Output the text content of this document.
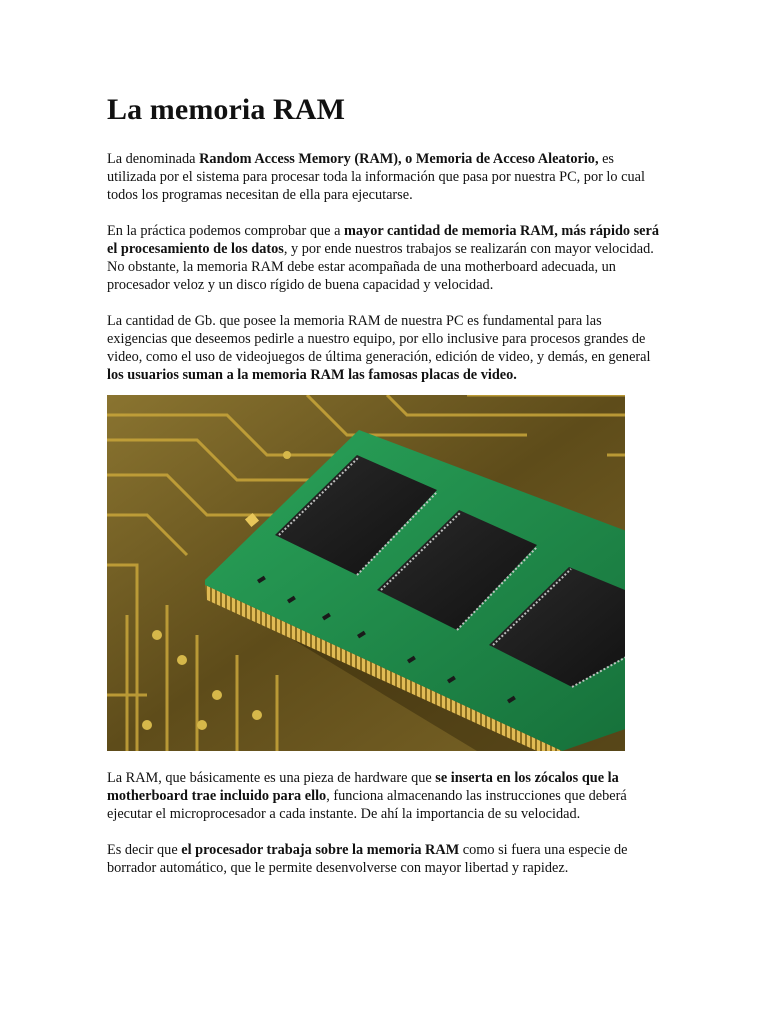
La memoria RAM

La denominada Random Access Memory (RAM), o Memoria de Acceso Aleatorio, es utilizada por el sistema para procesar toda la información que pasa por nuestra PC, por lo cual todos los programas necesitan de ella para ejecutarse.

En la práctica podemos comprobar que a mayor cantidad de memoria RAM, más rápido será el procesamiento de los datos, y por ende nuestros trabajos se realizarán con mayor velocidad. No obstante, la memoria RAM debe estar acompañada de una motherboard adecuada, un procesador veloz y un disco rígido de buena capacidad y velocidad.

La cantidad de Gb. que posee la memoria RAM de nuestra PC es fundamental para las exigencias que deseemos pedirle a nuestro equipo, por ello inclusive para procesos grandes de video, como el uso de videojuegos de última generación, edición de video, y demás, en general los usuarios suman a la memoria RAM las famosas placas de video.

La RAM, que básicamente es una pieza de hardware que se inserta en los zócalos que la motherboard trae incluido para ello, funciona almacenando las instrucciones que deberá ejecutar el microprocesador a cada instante. De ahí la importancia de su velocidad.

Es decir que el procesador trabaja sobre la memoria RAM como si fuera una especie de borrador automático, que le permite desenvolverse con mayor libertad y rapidez.
